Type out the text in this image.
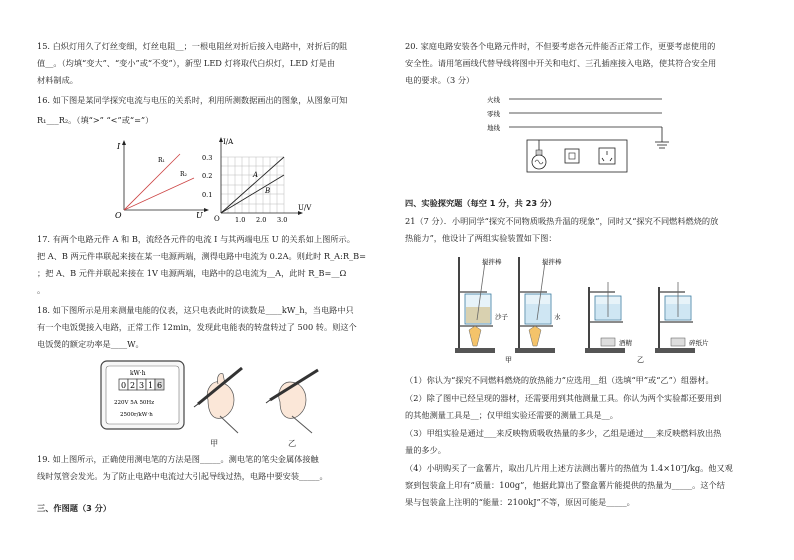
15. 白炽灯用久了灯丝变细，灯丝电阻__；一根电阻丝对折后接入电路中，对折后的阻
值__。（均填“变大”、“变小”或“不变”），新型 LED 灯将取代白炽灯，LED 灯是由
材料制成。
16. 如下图是某同学探究电流与电压的关系时，利用所测数据画出的图象，从图象可知
R₁___R₂。（填“>” “<”或“=”）
I
U
O
R₁
R₂
I/A
U/V
O
0.3
0.2
0.1
1.0 2.0 3.0
A
B
17. 有两个电路元件 A 和 B，流经各元件的电流 I 与其两端电压 U 的关系如上图所示。
把 A、B 两元件串联起来接在某一电源两端，测得电路中电流为 0.2A。则此时 R_A:R_B=
；把 A、B 元件并联起来接在 1V 电源两端，电路中的总电流为__A，此时 R_B=__Ω
。
18. 如下图所示是用来测量电能的仪表，这只电表此时的读数是____kW_h，当电路中只
有一个电饭煲接入电路，正常工作 12min，发现此电能表的转盘转过了 500 转。则这个
电饭煲的额定功率是____W。
kW·h
0 2 3 1 6
220V 5A 50Hz
2500r/kW·h
甲	乙
19. 如上图所示，正确使用测电笔的方法是图_____。测电笔的笔尖金属体接触
线时氖管会发光。为了防止电路中电流过大引起导线过热，电路中要安装_____。
三、作图题（3 分）
20. 家庭电路安装各个电路元件时，不但要考虑各元件能否正常工作，更要考虑使用的
安全性。请用笔画线代替导线将图中开关和电灯、三孔插座接入电路，使其符合安全用
电的要求。（3 分）
火线
零线
地线
四、实验探究题（每空 1 分，共 23 分）
21（7 分）．小明同学“探究不同物质吸热升温的现象”，同时又“探究不同燃料燃烧的放
热能力”，他设计了两组实验装置如下图：
搅拌棒
沙子
搅拌棒
水
酒精	碎纸片
甲	乙
（1）你认为“探究不同燃料燃烧的放热能力”应选用__组（选填“甲”或“乙”）组器材。
（2）除了图中已经呈现的器材，还需要用到其他测量工具。你认为两个实验都还要用到
的其他测量工具是__；仅甲组实验还需要的测量工具是__。
（3）甲组实验是通过___来反映物质吸收热量的多少，乙组是通过___来反映燃料放出热
量的多少。
（4）小明购买了一盒薯片，取出几片用上述方法测出薯片的热值为 1.4×10⁷J/kg。他又观
察到包装盒上印有“质量：100g”，他据此算出了整盒薯片能提供的热量为_____。这个结
果与包装盒上注明的“能量：2100kJ”不等，原因可能是_____。
